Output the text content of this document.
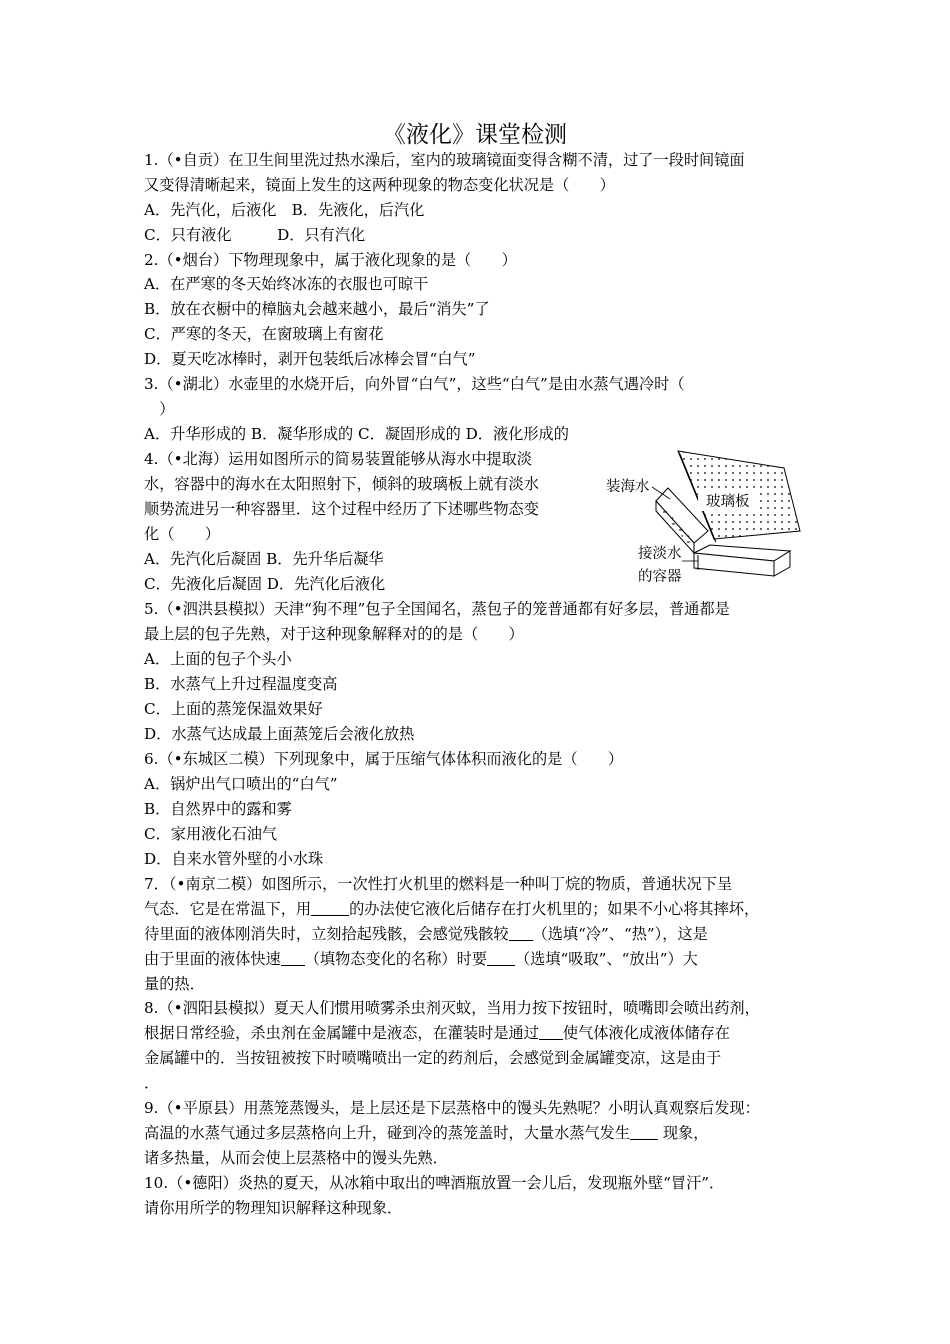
《液化》课堂检测
1.（•自贡）在卫生间里洗过热水澡后，室内的玻璃镜面变得含糊不清，过了一段时间镜面
又变得清晰起来，镜面上发生的这两种现象的物态变化状况是（　　）
A．先汽化，后液化　B．先液化，后汽化
C．只有液化　　　D．只有汽化
2.（•烟台）下物理现象中，属于液化现象的是（　　）
A．在严寒的冬天始终冰冻的衣服也可晾干
B．放在衣橱中的樟脑丸会越来越小，最后“消失”了
C．严寒的冬天，在窗玻璃上有窗花
D．夏天吃冰棒时，剥开包装纸后冰棒会冒“白气”
3.（•湖北）水壶里的水烧开后，向外冒“白气”，这些“白气”是由水蒸气遇冷时（
　）
A．升华形成的 B．凝华形成的 C．凝固形成的 D．液化形成的
4.（•北海）运用如图所示的简易装置能够从海水中提取淡
水，容器中的海水在太阳照射下，倾斜的玻璃板上就有淡水
顺势流进另一种容器里．这个过程中经历了下述哪些物态变
化（　　）
A．先汽化后凝固 B．先升华后凝华
C．先液化后凝固 D．先汽化后液化
装海水
玻璃板
接淡水
的容器
5.（•泗洪县模拟）天津“狗不理”包子全国闻名，蒸包子的笼普通都有好多层，普通都是
最上层的包子先熟，对于这种现象解释对的的是（　　）
A．上面的包子个头小
B．水蒸气上升过程温度变高
C．上面的蒸笼保温效果好
D．水蒸气达成最上面蒸笼后会液化放热
6.（•东城区二模）下列现象中，属于压缩气体体积而液化的是（　　）
A．锅炉出气口喷出的“白气”
B．自然界中的露和雾
C．家用液化石油气
D．自来水管外壁的小水珠
7．（•南京二模）如图所示，一次性打火机里的燃料是一种叫丁烷的物质，普通状况下呈
气态．它是在常温下，用	的办法使它液化后储存在打火机里的；如果不小心将其摔坏，
待里面的液体刚消失时，立刻拾起残骸，会感觉残骸较 （选填“冷”、“热”），这是
由于里面的液体快速 （填物态变化的名称）时要 （选填“吸取”、“放出”）大
量的热．
8.（•泗阳县模拟）夏天人们惯用喷雾杀虫剂灭蚊，当用力按下按钮时，喷嘴即会喷出药剂，
根据日常经验，杀虫剂在金属罐中是液态，在灌装时是通过 使气体液化成液体储存在
金属罐中的．当按钮被按下时喷嘴喷出一定的药剂后，会感觉到金属罐变凉，这是由于
．
9.（•平原县）用蒸笼蒸馒头，是上层还是下层蒸格中的馒头先熟呢？小明认真观察后发现：
高温的水蒸气通过多层蒸格向上升，碰到冷的蒸笼盖时，大量水蒸气发生 现象，
诸多热量，从而会使上层蒸格中的馒头先熟．
10.（•德阳）炎热的夏天，从冰箱中取出的啤酒瓶放置一会儿后，发现瓶外壁“冒汗”．
请你用所学的物理知识解释这种现象．
